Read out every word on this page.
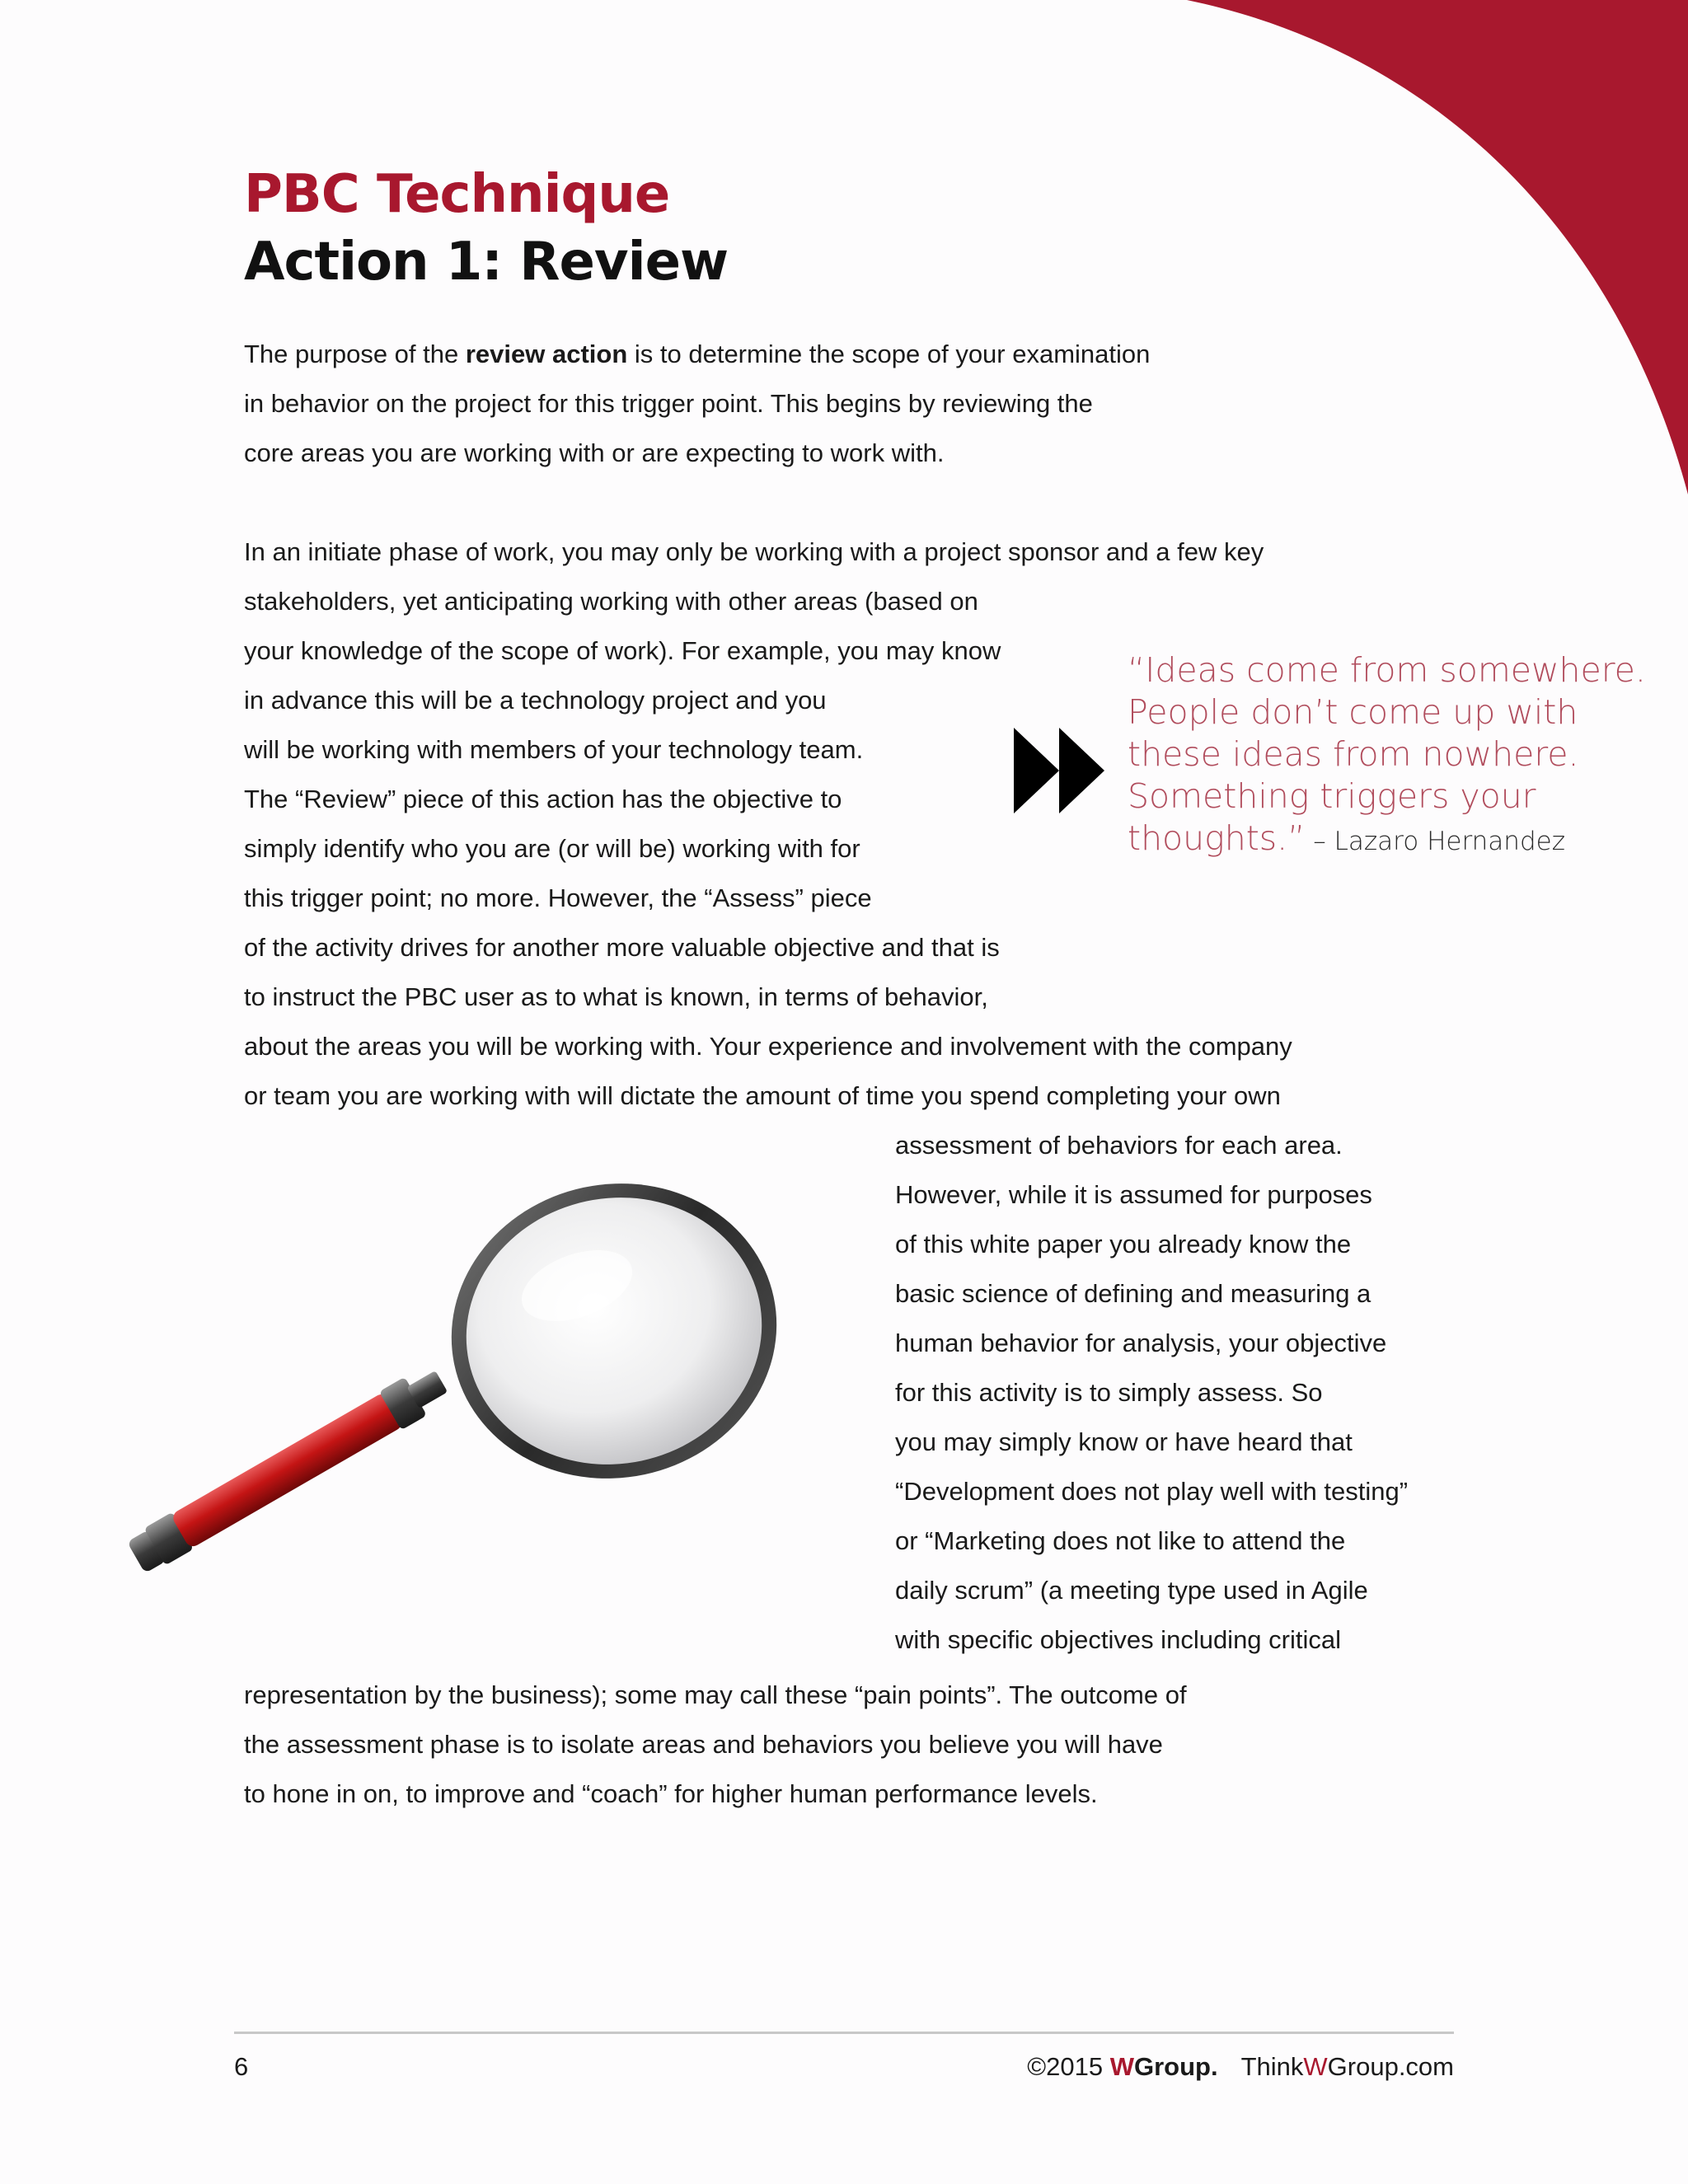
PBC Technique
Action 1: Review
The purpose of the review action is to determine the scope of your examination
in behavior on the project for this trigger point. This begins by reviewing the
core areas you are working with or are expecting to work with.
In an initiate phase of work, you may only be working with a project sponsor and a few key
stakeholders, yet anticipating working with other areas (based on
your knowledge of the scope of work). For example, you may know
in advance this will be a technology project and you
will be working with members of your technology team.
The “Review” piece of this action has the objective to
simply identify who you are (or will be) working with for
this trigger point; no more. However, the “Assess” piece
of the activity drives for another more valuable objective and that is
to instruct the PBC user as to what is known, in terms of behavior,
about the areas you will be working with. Your experience and involvement with the company
or team you are working with will dictate the amount of time you spend completing your own
assessment of behaviors for each area.
However, while it is assumed for purposes
of this white paper you already know the
basic science of defining and measuring a
human behavior for analysis, your objective
for this activity is to simply assess. So
you may simply know or have heard that
“Development does not play well with testing”
or “Marketing does not like to attend the
daily scrum” (a meeting type used in Agile
with specific objectives including critical
representation by the business); some may call these “pain points”. The outcome of
the assessment phase is to isolate areas and behaviors you believe you will have
to hone in on, to improve and “coach” for higher human performance levels.
“Ideas come from somewhere.
People don’t come up with
these ideas from nowhere.
Something triggers your
thoughts.” – Lazaro Hernandez
6	©2015 WGroup. ThinkWGroup.com
